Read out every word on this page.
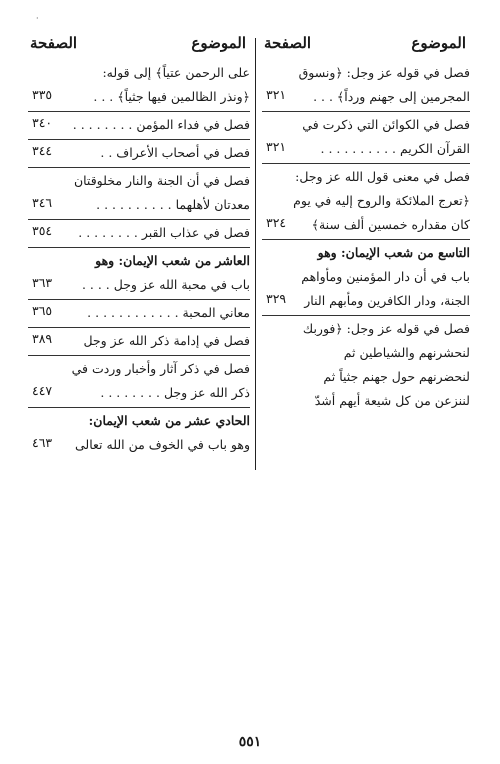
·
الموضوع
الصفحة
فصل في قوله عز وجل: ﴿ونسوق
المجرمين إلى جهنم ورداً﴾ . . .
٣٢١
فصل في الكوائن التي ذكرت في
القرآن الكريم . . . . . . . . . .
٣٢١
فصل في معنى قول الله عز وجل:
﴿تعرج الملائكة والروح إليه في يوم
كان مقداره خمسين ألف سنة﴾
٣٢٤
التاسع من شعب الإيمان: وهو
باب في أن دار المؤمنين ومأواهم
الجنة، ودار الكافرين ومأبهم النار
٣٢٩
فصل في قوله عز وجل: ﴿فوربك
لنحشرنهم والشياطين ثم
لنحضرنهم حول جهنم جثياً ثم
لننزعن من كل شيعة أيهم أشدّ
الموضوع
الصفحة
على الرحمن عتياً﴾ إلى قوله:
﴿ونذر الظالمين فيها جثياً﴾ . . .
٣٣٥
فصل في فداء المؤمن . . . . . . . .
٣٤٠
فصل في أصحاب الأعراف . .
٣٤٤
فصل في أن الجنة والنار مخلوقتان
معدتان لأهلهما . . . . . . . . . .
٣٤٦
فصل في عذاب القبر . . . . . . . .
٣٥٤
العاشر من شعب الإيمان: وهو
باب في محبة الله عز وجل . . . .
٣٦٣
معاني المحبة . . . . . . . . . . . .
٣٦٥
فصل في إدامة ذكر الله عز وجل
٣٨٩
فصل في ذكر آثار وأخبار وردت في
ذكر الله عز وجل . . . . . . . .
٤٤٧
الحادي عشر من شعب الإيمان:
وهو باب في الخوف من الله تعالى
٤٦٣
٥٥١
